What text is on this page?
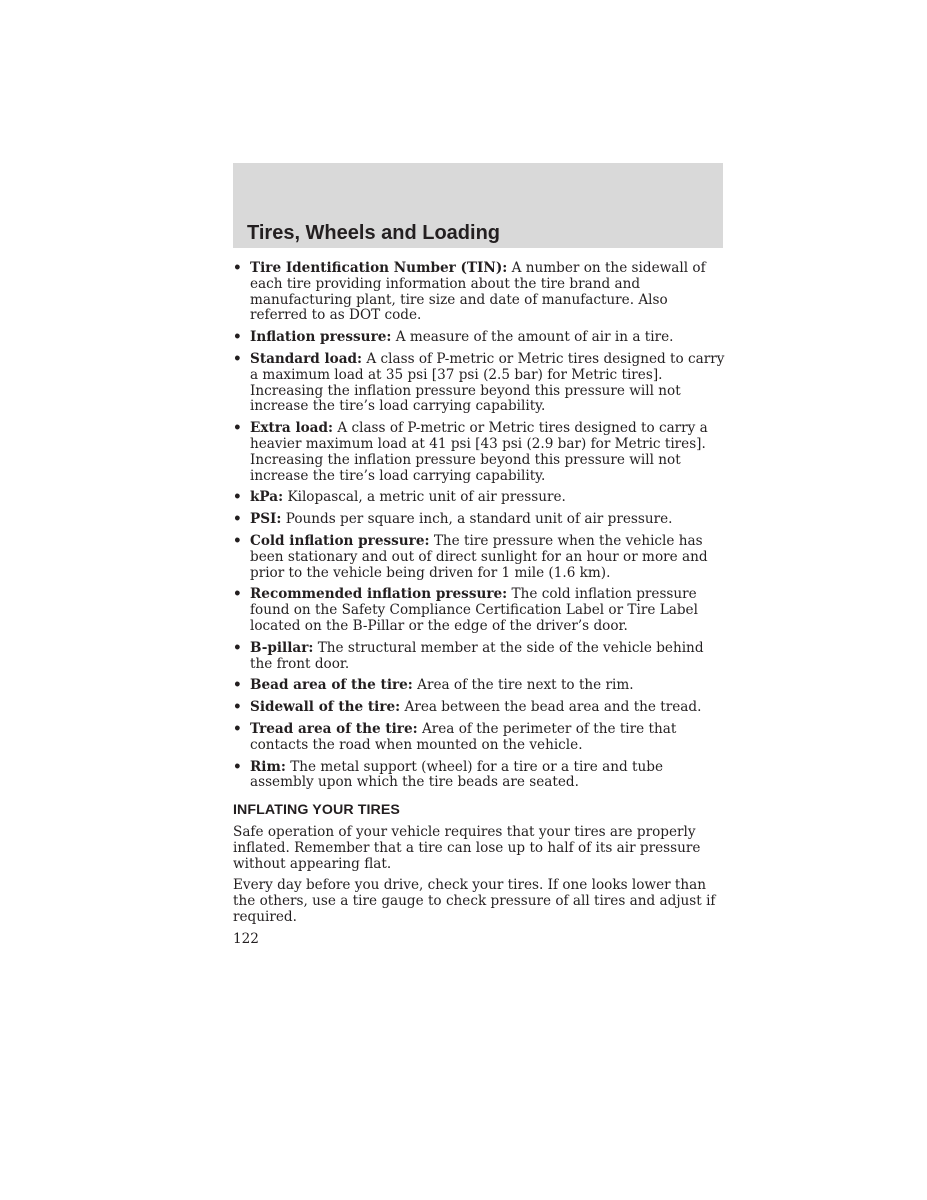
Tires, Wheels and Loading
• Tire Identification Number (TIN): A number on the sidewall of each tire providing information about the tire brand and manufacturing plant, tire size and date of manufacture. Also referred to as DOT code.
• Inflation pressure: A measure of the amount of air in a tire.
• Standard load: A class of P-metric or Metric tires designed to carry a maximum load at 35 psi [37 psi (2.5 bar) for Metric tires]. Increasing the inflation pressure beyond this pressure will not increase the tire’s load carrying capability.
• Extra load: A class of P-metric or Metric tires designed to carry a heavier maximum load at 41 psi [43 psi (2.9 bar) for Metric tires]. Increasing the inflation pressure beyond this pressure will not increase the tire’s load carrying capability.
• kPa: Kilopascal, a metric unit of air pressure.
• PSI: Pounds per square inch, a standard unit of air pressure.
• Cold inflation pressure: The tire pressure when the vehicle has been stationary and out of direct sunlight for an hour or more and prior to the vehicle being driven for 1 mile (1.6 km).
• Recommended inflation pressure: The cold inflation pressure found on the Safety Compliance Certification Label or Tire Label located on the B-Pillar or the edge of the driver’s door.
• B-pillar: The structural member at the side of the vehicle behind the front door.
• Bead area of the tire: Area of the tire next to the rim.
• Sidewall of the tire: Area between the bead area and the tread.
• Tread area of the tire: Area of the perimeter of the tire that contacts the road when mounted on the vehicle.
• Rim: The metal support (wheel) for a tire or a tire and tube assembly upon which the tire beads are seated.
INFLATING YOUR TIRES

Safe operation of your vehicle requires that your tires are properly inflated. Remember that a tire can lose up to half of its air pressure without appearing flat.

Every day before you drive, check your tires. If one looks lower than the others, use a tire gauge to check pressure of all tires and adjust if required.

122
